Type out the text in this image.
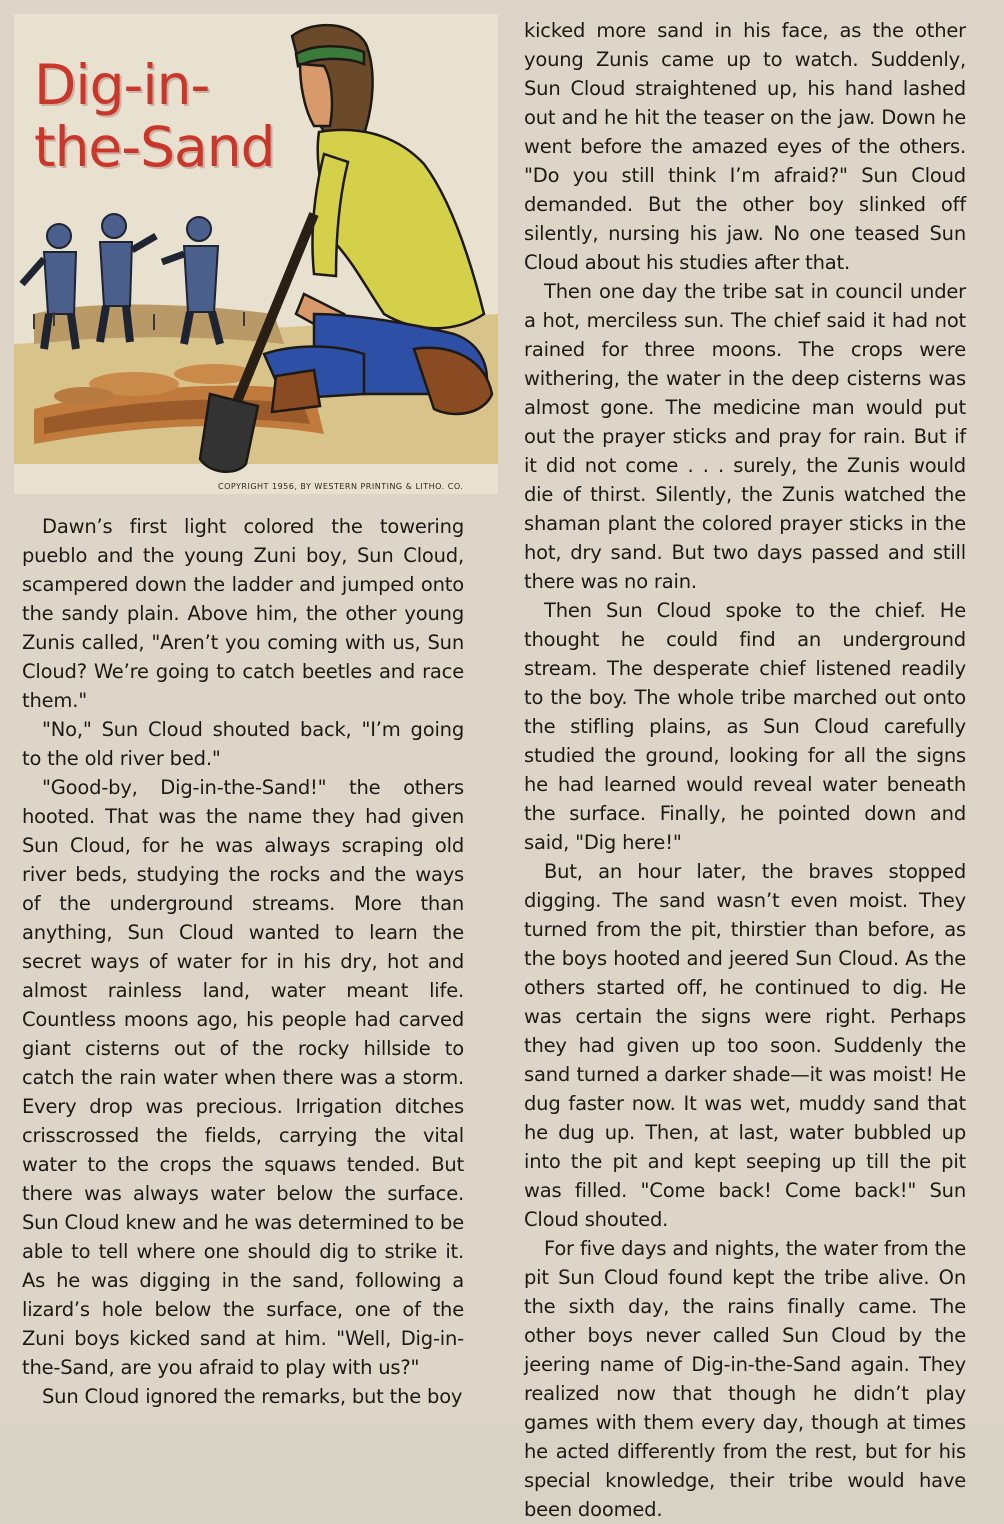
Dig-in-
the-Sand
COPYRIGHT 1956, BY WESTERN PRINTING & LITHO. CO.

Dawn’s first light colored the towering pueblo and the young Zuni boy, Sun Cloud, scampered down the ladder and jumped onto the sandy plain. Above him, the other young Zunis called, "Aren’t you coming with us, Sun Cloud? We’re going to catch beetles and race them."

"No," Sun Cloud shouted back, "I’m going to the old river bed."

"Good-by, Dig-in-the-Sand!" the others hooted. That was the name they had given Sun Cloud, for he was always scraping old river beds, studying the rocks and the ways of the underground streams. More than anything, Sun Cloud wanted to learn the secret ways of water for in his dry, hot and almost rainless land, water meant life. Countless moons ago, his people had carved giant cisterns out of the rocky hillside to catch the rain water when there was a storm. Every drop was precious. Irrigation ditches crisscrossed the fields, carrying the vital water to the crops the squaws tended. But there was always water below the surface. Sun Cloud knew and he was determined to be able to tell where one should dig to strike it. As he was digging in the sand, following a lizard’s hole below the surface, one of the Zuni boys kicked sand at him. "Well, Dig-in-the-Sand, are you afraid to play with us?"

Sun Cloud ignored the remarks, but the boy

kicked more sand in his face, as the other young Zunis came up to watch. Suddenly, Sun Cloud straightened up, his hand lashed out and he hit the teaser on the jaw. Down he went before the amazed eyes of the others. "Do you still think I’m afraid?" Sun Cloud demanded. But the other boy slinked off silently, nursing his jaw. No one teased Sun Cloud about his studies after that.

Then one day the tribe sat in council under a hot, merciless sun. The chief said it had not rained for three moons. The crops were withering, the water in the deep cisterns was almost gone. The medicine man would put out the prayer sticks and pray for rain. But if it did not come . . . surely, the Zunis would die of thirst. Silently, the Zunis watched the shaman plant the colored prayer sticks in the hot, dry sand. But two days passed and still there was no rain.

Then Sun Cloud spoke to the chief. He thought he could find an underground stream. The desperate chief listened readily to the boy. The whole tribe marched out onto the stifling plains, as Sun Cloud carefully studied the ground, looking for all the signs he had learned would reveal water beneath the surface. Finally, he pointed down and said, "Dig here!"

But, an hour later, the braves stopped digging. The sand wasn’t even moist. They turned from the pit, thirstier than before, as the boys hooted and jeered Sun Cloud. As the others started off, he continued to dig. He was certain the signs were right. Perhaps they had given up too soon. Suddenly the sand turned a darker shade—it was moist! He dug faster now. It was wet, muddy sand that he dug up. Then, at last, water bubbled up into the pit and kept seeping up till the pit was filled. "Come back! Come back!" Sun Cloud shouted.

For five days and nights, the water from the pit Sun Cloud found kept the tribe alive. On the sixth day, the rains finally came. The other boys never called Sun Cloud by the jeering name of Dig-in-the-Sand again. They realized now that though he didn’t play games with them every day, though at times he acted differently from the rest, but for his special knowledge, their tribe would have been doomed.
